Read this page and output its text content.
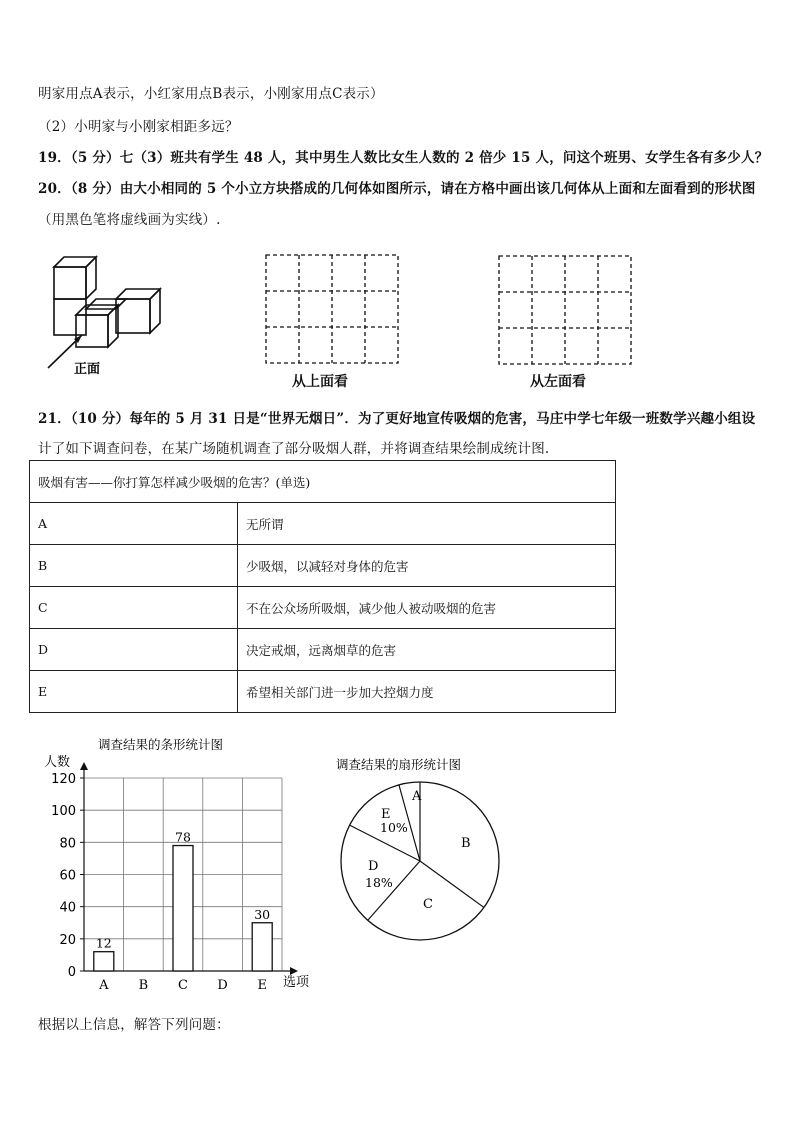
明家用点A表示，小红家用点B表示，小刚家用点C表示）
（2）小明家与小刚家相距多远？
19．（5 分）七（3）班共有学生 48 人，其中男生人数比女生人数的 2 倍少 15 人，问这个班男、女学生各有多少人？
20．（8 分）由大小相同的 5 个小立方块搭成的几何体如图所示，请在方格中画出该几何体从上面和左面看到的形状图
（用黑色笔将虚线画为实线）.
正面
从上面看	从左面看
21．（10 分）每年的 5 月 31 日是“世界无烟日”．为了更好地宣传吸烟的危害，马庄中学七年级一班数学兴趣小组设
计了如下调查问卷，在某广场随机调查了部分吸烟人群，并将调查结果绘制成统计图.
吸烟有害——你打算怎样减少吸烟的危害？(单选)	
A	无所谓
B	少吸烟，以减轻对身体的危害
C	不在公众场所吸烟，减少他人被动吸烟的危害
D	决定戒烟，远离烟草的危害
E	希望相关部门进一步加大控烟力度
调查结果的条形统计图
人数
选项
0
20
40
60
80
100
120
A B C D E
12
78
30
调查结果的扇形统计图
A
B
C
D
E
18%
10%
根据以上信息，解答下列问题：
